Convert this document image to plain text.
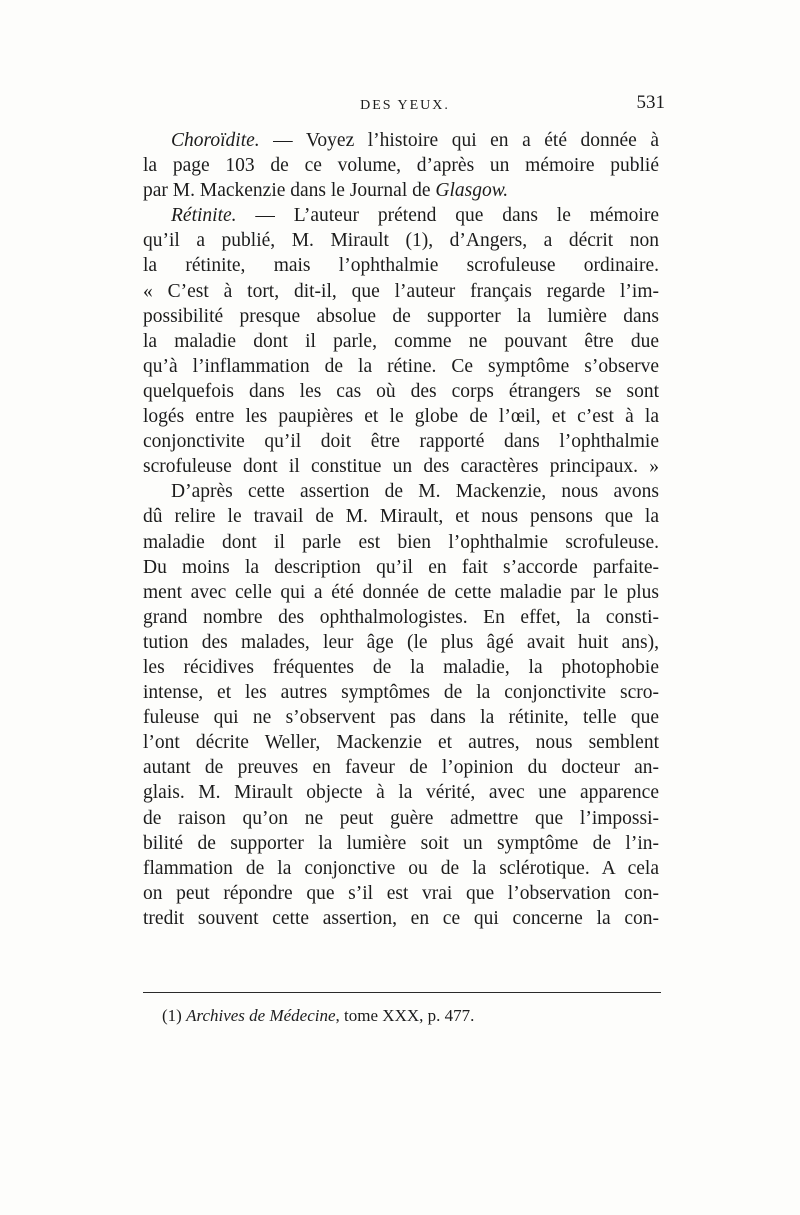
DES YEUX.	531
Choroïdite. — Voyez l’histoire qui en a été donnée à
la page 103 de ce volume, d’après un mémoire publié
par M. Mackenzie dans le Journal de Glasgow.
Rétinite. — L’auteur prétend que dans le mémoire
qu’il a publié, M. Mirault (1), d’Angers, a décrit non
la rétinite, mais l’ophthalmie scrofuleuse ordinaire.
« C’est à tort, dit-il, que l’auteur français regarde l’im-
possibilité presque absolue de supporter la lumière dans
la maladie dont il parle, comme ne pouvant être due
qu’à l’inflammation de la rétine. Ce symptôme s’observe
quelquefois dans les cas où des corps étrangers se sont
logés entre les paupières et le globe de l’œil, et c’est à la
conjonctivite qu’il doit être rapporté dans l’ophthalmie
scrofuleuse dont il constitue un des caractères principaux. »
D’après cette assertion de M. Mackenzie, nous avons
dû relire le travail de M. Mirault, et nous pensons que la
maladie dont il parle est bien l’ophthalmie scrofuleuse.
Du moins la description qu’il en fait s’accorde parfaite-
ment avec celle qui a été donnée de cette maladie par le plus
grand nombre des ophthalmologistes. En effet, la consti-
tution des malades, leur âge (le plus âgé avait huit ans),
les récidives fréquentes de la maladie, la photophobie
intense, et les autres symptômes de la conjonctivite scro-
fuleuse qui ne s’observent pas dans la rétinite, telle que
l’ont décrite Weller, Mackenzie et autres, nous semblent
autant de preuves en faveur de l’opinion du docteur an-
glais. M. Mirault objecte à la vérité, avec une apparence
de raison qu’on ne peut guère admettre que l’impossi-
bilité de supporter la lumière soit un symptôme de l’in-
flammation de la conjonctive ou de la sclérotique. A cela
on peut répondre que s’il est vrai que l’observation con-
tredit souvent cette assertion, en ce qui concerne la con-
(1) Archives de Médecine, tome XXX, p. 477.
